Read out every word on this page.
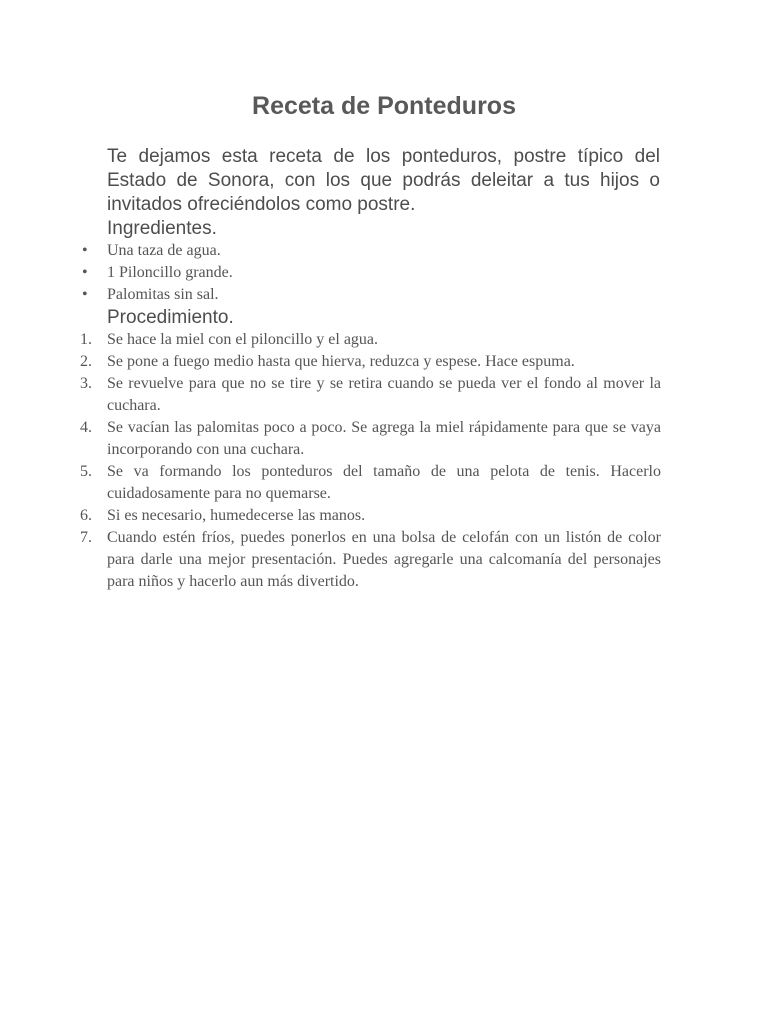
Receta de Ponteduros

Te dejamos esta receta de los ponteduros, postre típico del Estado de Sonora, con los que podrás deleitar a tus hijos o invitados ofreciéndolos como postre.

Ingredientes.

• Una taza de agua.
• 1 Piloncillo grande.
• Palomitas sin sal.

Procedimiento.

1. Se hace la miel con el piloncillo y el agua.
2. Se pone a fuego medio hasta que hierva, reduzca y espese. Hace espuma.
3. Se revuelve para que no se tire y se retira cuando se pueda ver el fondo al mover la cuchara.
4. Se vacían las palomitas poco a poco. Se agrega la miel rápidamente para que se vaya incorporando con una cuchara.
5. Se va formando los ponteduros del tamaño de una pelota de tenis. Hacerlo cuidadosamente para no quemarse.
6. Si es necesario, humedecerse las manos.
7. Cuando estén fríos, puedes ponerlos en una bolsa de celofán con un listón de color para darle una mejor presentación. Puedes agregarle una calcomanía del personajes para niños y hacerlo aun más divertido.
